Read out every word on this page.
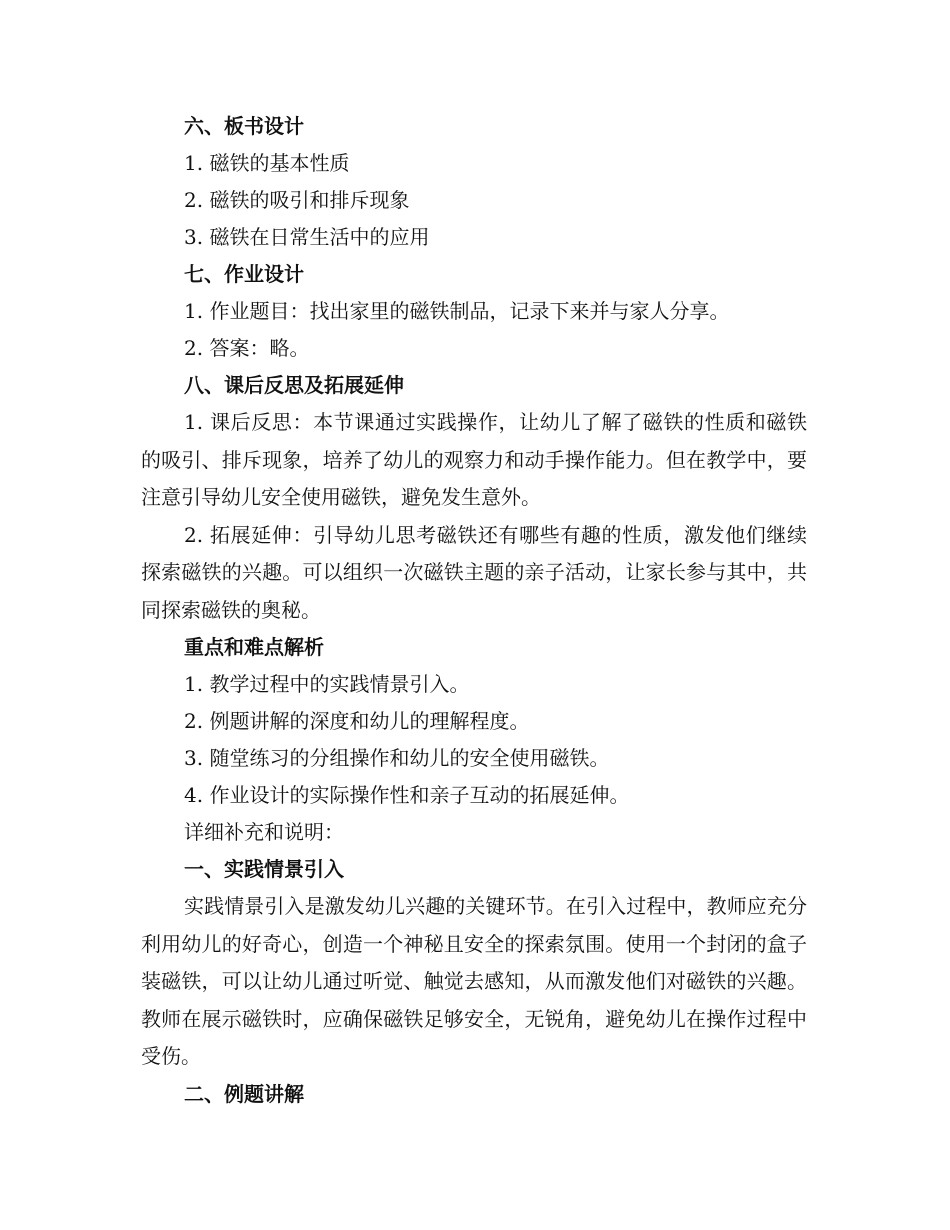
六、板书设计
1. 磁铁的基本性质
2. 磁铁的吸引和排斥现象
3. 磁铁在日常生活中的应用
七、作业设计
1. 作业题目：找出家里的磁铁制品，记录下来并与家人分享。
2. 答案：略。
八、课后反思及拓展延伸

1. 课后反思：本节课通过实践操作，让幼儿了解了磁铁的性质和磁铁的吸引、排斥现象，培养了幼儿的观察力和动手操作能力。但在教学中，要注意引导幼儿安全使用磁铁，避免发生意外。

2. 拓展延伸：引导幼儿思考磁铁还有哪些有趣的性质，激发他们继续探索磁铁的兴趣。可以组织一次磁铁主题的亲子活动，让家长参与其中，共同探索磁铁的奥秘。

重点和难点解析
1. 教学过程中的实践情景引入。
2. 例题讲解的深度和幼儿的理解程度。
3. 随堂练习的分组操作和幼儿的安全使用磁铁。
4. 作业设计的实际操作性和亲子互动的拓展延伸。
详细补充和说明：
一、实践情景引入

实践情景引入是激发幼儿兴趣的关键环节。在引入过程中，教师应充分利用幼儿的好奇心，创造一个神秘且安全的探索氛围。使用一个封闭的盒子装磁铁，可以让幼儿通过听觉、触觉去感知，从而激发他们对磁铁的兴趣。教师在展示磁铁时，应确保磁铁足够安全，无锐角，避免幼儿在操作过程中受伤。

二、例题讲解
